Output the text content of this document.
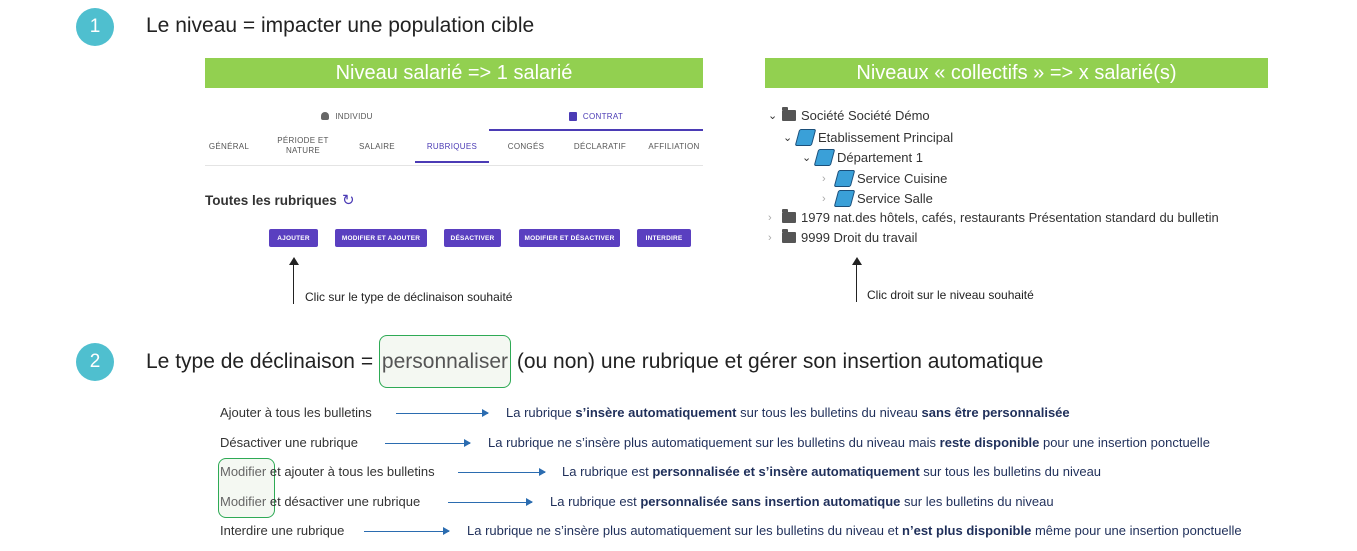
1	Le niveau = impacter une population cible
Niveau salarié => 1 salarié
INDIVIDU	CONTRAT
GÉNÉRAL
PÉRIODE ET NATURE	SALAIRE	RUBRIQUES	CONGÉS	DÉCLARATIF	AFFILIATION
Toutes les rubriques ↻
AJOUTER	MODIFIER ET AJOUTER	DÉSACTIVER	MODIFIER ET DÉSACTIVER	INTERDIRE
Clic sur le type de déclinaison souhaité
Niveaux « collectifs » => x salarié(s)
⌄	Société Société Démo
⌄	Etablissement Principal
⌄	Département 1
›	Service Cuisine
›	Service Salle
›	1979 nat.des hôtels, cafés, restaurants Présentation standard du bulletin
›	9999 Droit du travail
Clic droit sur le niveau souhaité
2	Le type de déclinaison = personnaliser (ou non) une rubrique et gérer son insertion automatique
Ajouter à tous les bulletins	La rubrique s’insère automatiquement sur tous les bulletins du niveau sans être personnalisée
Désactiver une rubrique	La rubrique ne s’insère plus automatiquement sur les bulletins du niveau mais reste disponible pour une insertion ponctuelle
Modifier et ajouter à tous les bulletins	La rubrique est personnalisée et s’insère automatiquement sur tous les bulletins du niveau
Modifier et désactiver une rubrique	La rubrique est personnalisée sans insertion automatique sur les bulletins du niveau
Interdire une rubrique	La rubrique ne s’insère plus automatiquement sur les bulletins du niveau et n’est plus disponible même pour une insertion ponctuelle
